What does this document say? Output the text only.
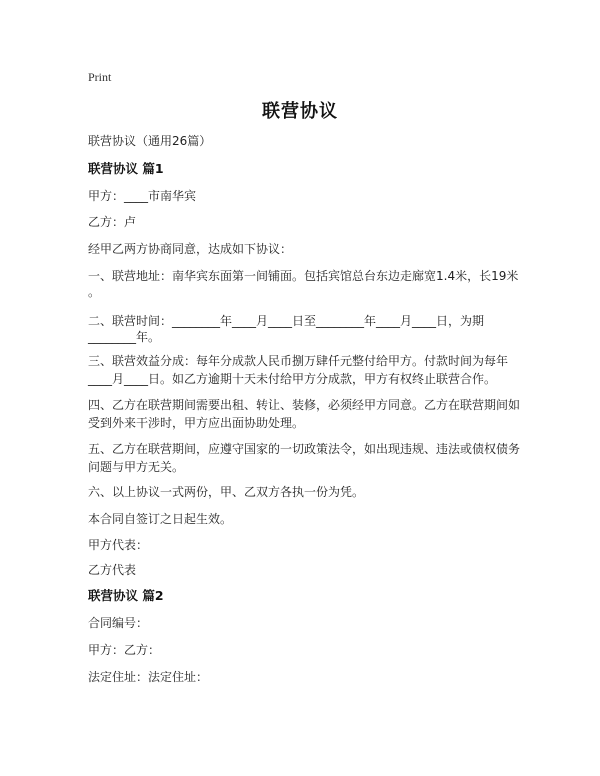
Print
联营协议
联营协议（通用26篇）
联营协议 篇1
甲方：____市南华宾
乙方：卢
经甲乙两方协商同意，达成如下协议：
一、联营地址：南华宾东面第一间铺面。包括宾馆总台东边走廊宽1.4米，长19米
。
二、联营时间：________年____月____日至________年____月____日，为期
________年。
三、联营效益分成：每年分成款人民币捌万肆仟元整付给甲方。付款时间为每年
____月____日。如乙方逾期十天未付给甲方分成款，甲方有权终止联营合作。
四、乙方在联营期间需要出租、转让、装修，必须经甲方同意。乙方在联营期间如
受到外来干涉时，甲方应出面协助处理。
五、乙方在联营期间，应遵守国家的一切政策法令，如出现违规、违法或债权债务
问题与甲方无关。
六、以上协议一式两份，甲、乙双方各执一份为凭。
本合同自签订之日起生效。
甲方代表：
乙方代表
联营协议 篇2
合同编号：
甲方：乙方：
法定住址：法定住址：
